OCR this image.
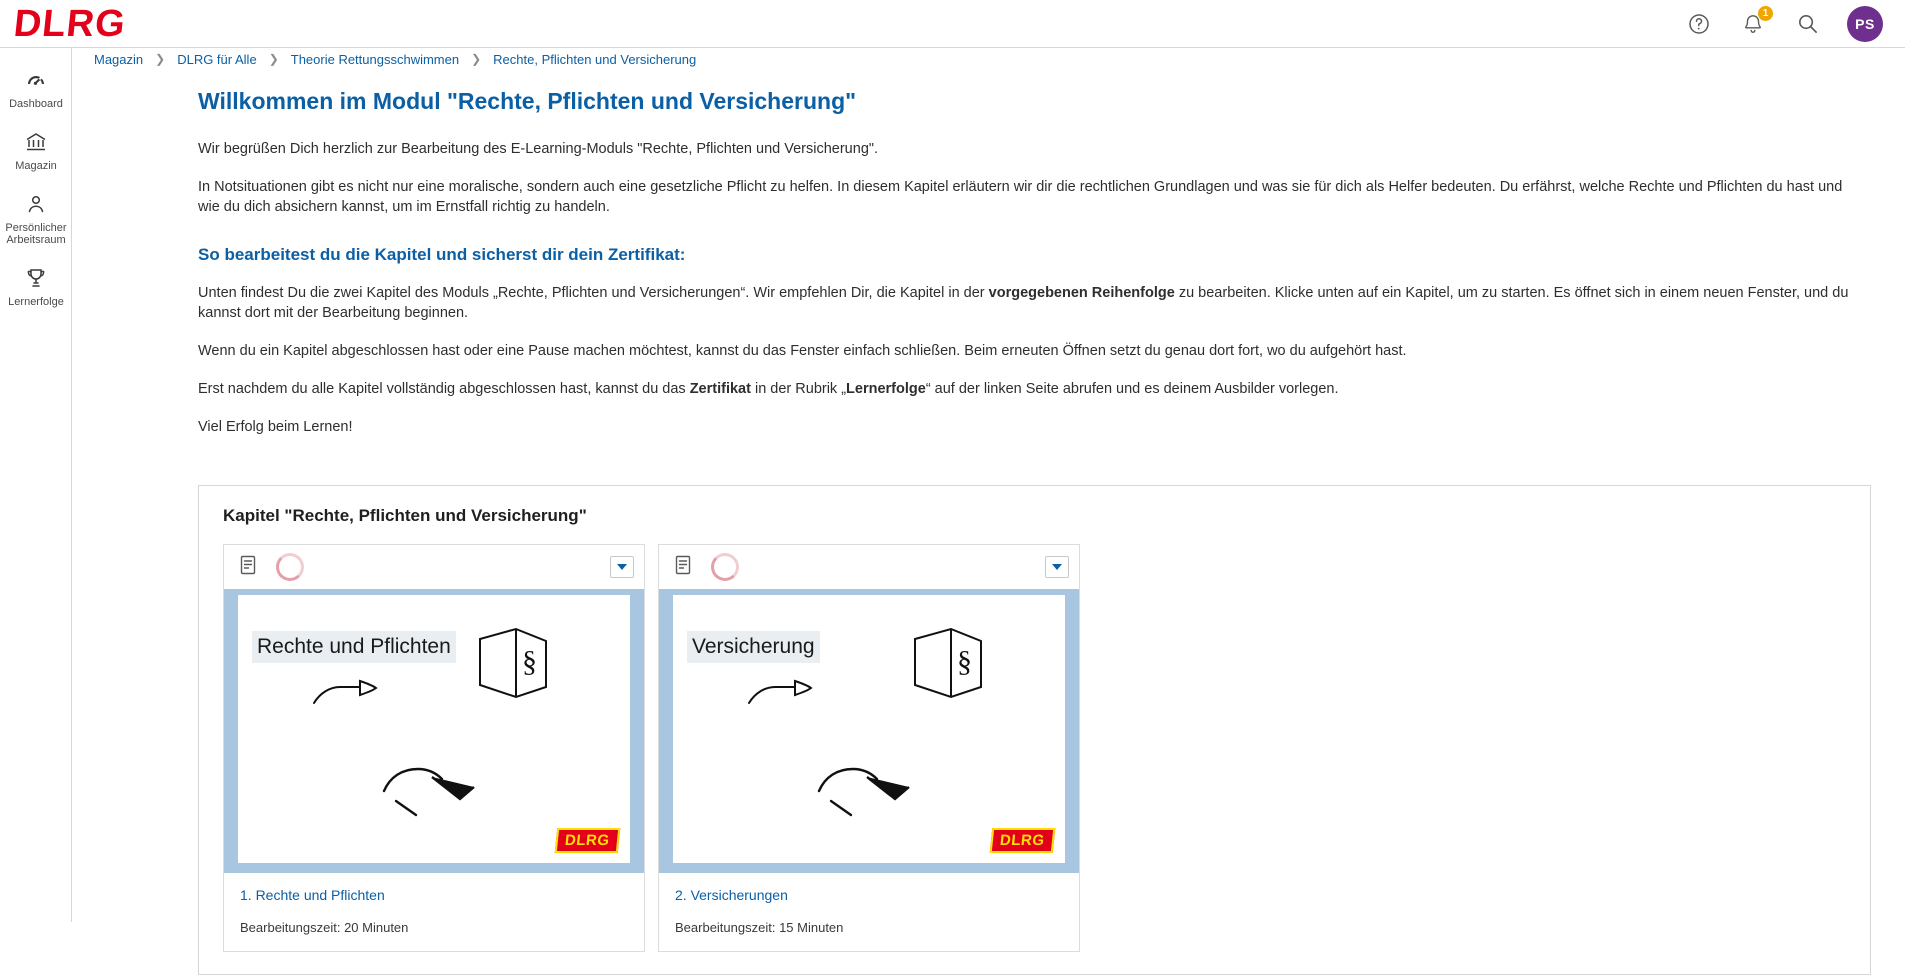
DLRG	1
PS
Dashboard
Magazin
Persönlicher Arbeitsraum
Lernerfolge
Magazin ❯ DLRG für Alle ❯ Theorie Rettungsschwimmen ❯ Rechte, Pflichten und Versicherung
Willkommen im Modul "Rechte, Pflichten und Versicherung"

Wir begrüßen Dich herzlich zur Bearbeitung des E-Learning-Moduls "Rechte, Pflichten und Versicherung".

In Notsituationen gibt es nicht nur eine moralische, sondern auch eine gesetzliche Pflicht zu helfen. In diesem Kapitel erläutern wir dir die rechtlichen Grundlagen und was sie für dich als Helfer bedeuten. Du erfährst, welche Rechte und Pflichten du hast und wie du dich absichern kannst, um im Ernstfall richtig zu handeln.

So bearbeitest du die Kapitel und sicherst dir dein Zertifikat:

Unten findest Du die zwei Kapitel des Moduls „Rechte, Pflichten und Versicherungen“. Wir empfehlen Dir, die Kapitel in der vorgegebenen Reihenfolge zu bearbeiten. Klicke unten auf ein Kapitel, um zu starten. Es öffnet sich in einem neuen Fenster, und du kannst dort mit der Bearbeitung beginnen.

Wenn du ein Kapitel abgeschlossen hast oder eine Pause machen möchtest, kannst du das Fenster einfach schließen. Beim erneuten Öffnen setzt du genau dort fort, wo du aufgehört hast.

Erst nachdem du alle Kapitel vollständig abgeschlossen hast, kannst du das Zertifikat in der Rubrik „Lernerfolge“ auf der linken Seite abrufen und es deinem Ausbilder vorlegen.

Viel Erfolg beim Lernen!

Kapitel "Rechte, Pflichten und Versicherung"
Rechte und Pflichten §
DLRG
1. Rechte und Pflichten
Bearbeitungszeit: 20 Minuten
Versicherung	§
DLRG
2. Versicherungen
Bearbeitungszeit: 15 Minuten
